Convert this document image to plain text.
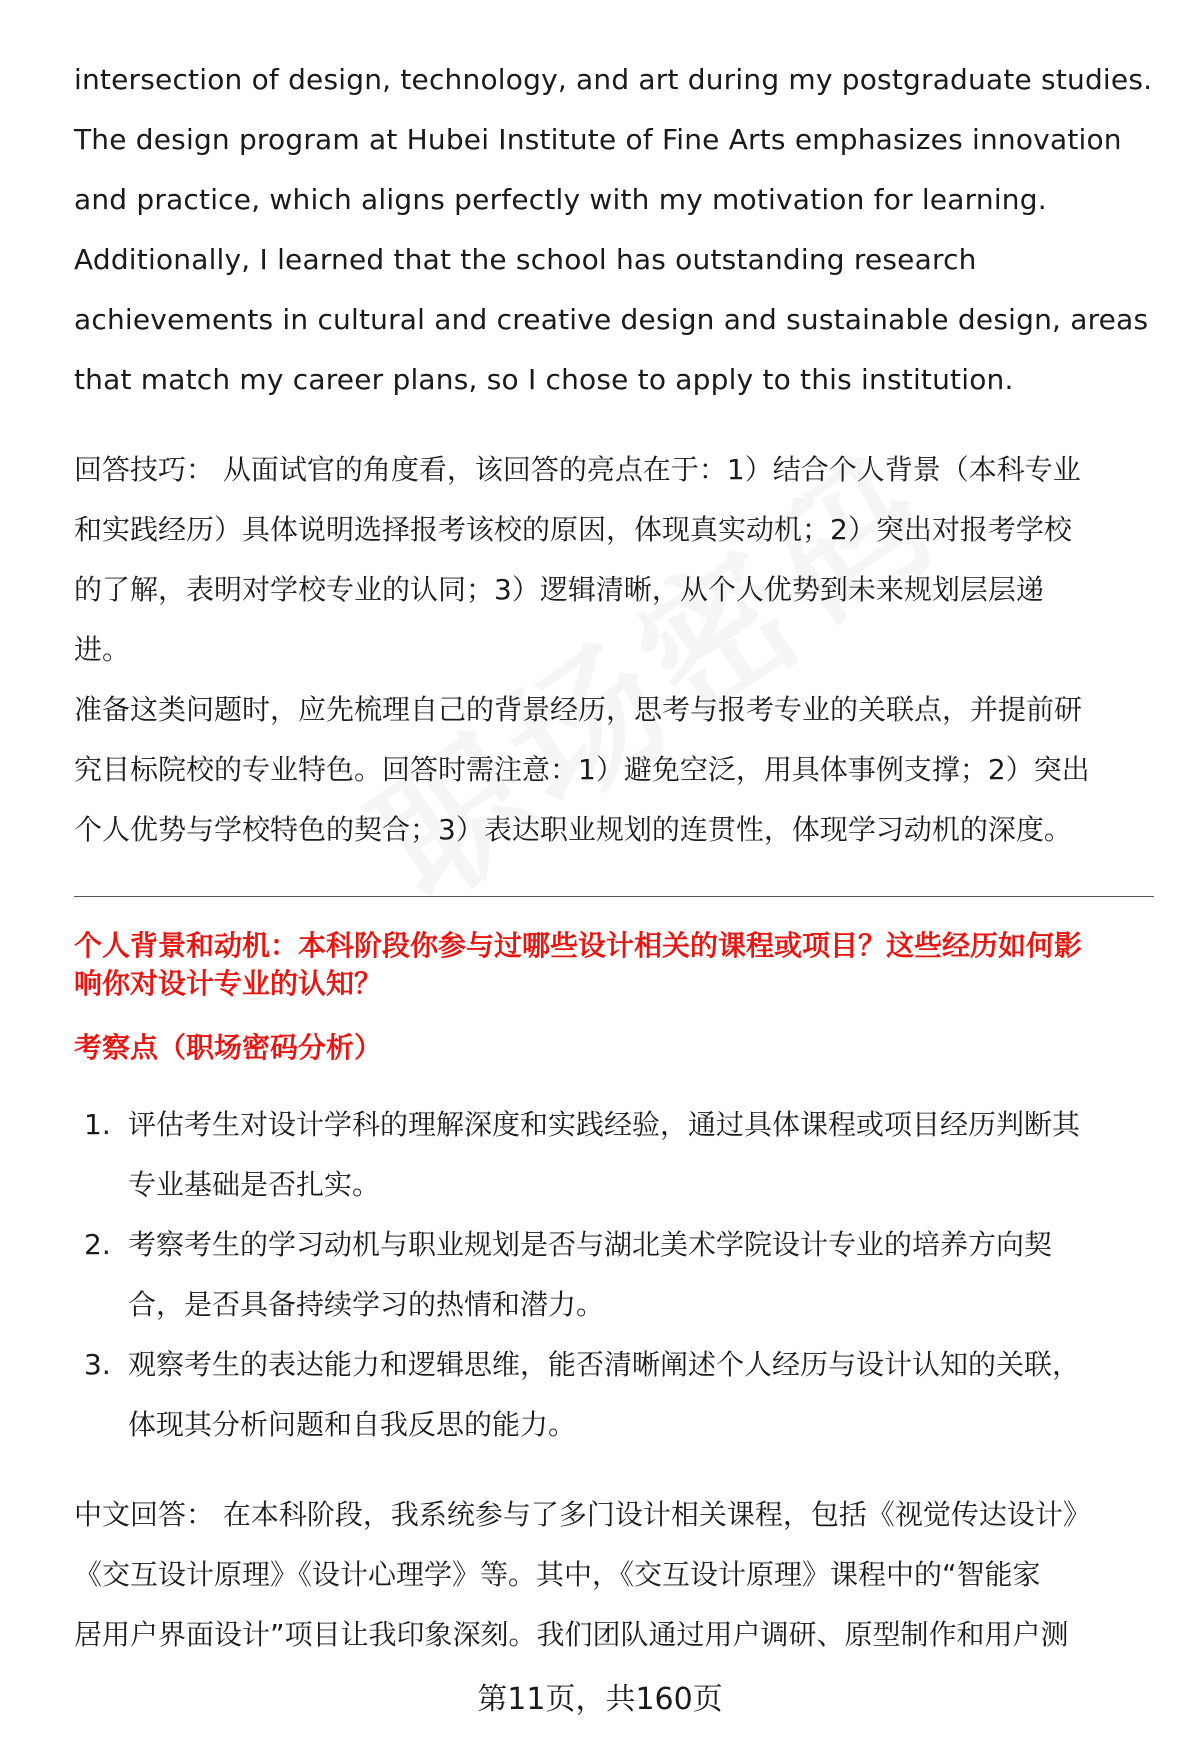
intersection of design, technology, and art during my postgraduate studies.
The design program at Hubei Institute of Fine Arts emphasizes innovation
and practice, which aligns perfectly with my motivation for learning.
Additionally, I learned that the school has outstanding research
achievements in cultural and creative design and sustainable design, areas
that match my career plans, so I chose to apply to this institution.
回答技巧： 从面试官的角度看，该回答的亮点在于：1）结合个人背景（本科专业
和实践经历）具体说明选择报考该校的原因，体现真实动机；2）突出对报考学校
的了解，表明对学校专业的认同；3）逻辑清晰，从个人优势到未来规划层层递
进。
准备这类问题时，应先梳理自己的背景经历，思考与报考专业的关联点，并提前研
究目标院校的专业特色。回答时需注意：1）避免空泛，用具体事例支撑；2）突出
个人优势与学校特色的契合；3）表达职业规划的连贯性，体现学习动机的深度。
个人背景和动机：本科阶段你参与过哪些设计相关的课程或项目？这些经历如何影
响你对设计专业的认知？
考察点（职场密码分析）
1. 评估考生对设计学科的理解深度和实践经验，通过具体课程或项目经历判断其
专业基础是否扎实。
2. 考察考生的学习动机与职业规划是否与湖北美术学院设计专业的培养方向契
合，是否具备持续学习的热情和潜力。
3. 观察考生的表达能力和逻辑思维，能否清晰阐述个人经历与设计认知的关联，
体现其分析问题和自我反思的能力。
中文回答： 在本科阶段，我系统参与了多门设计相关课程，包括《视觉传达设计》
《交互设计原理》《设计心理学》等。其中，《交互设计原理》课程中的“智能家
居用户界面设计”项目让我印象深刻。我们团队通过用户调研、原型制作和用户测
第11页，共160页
